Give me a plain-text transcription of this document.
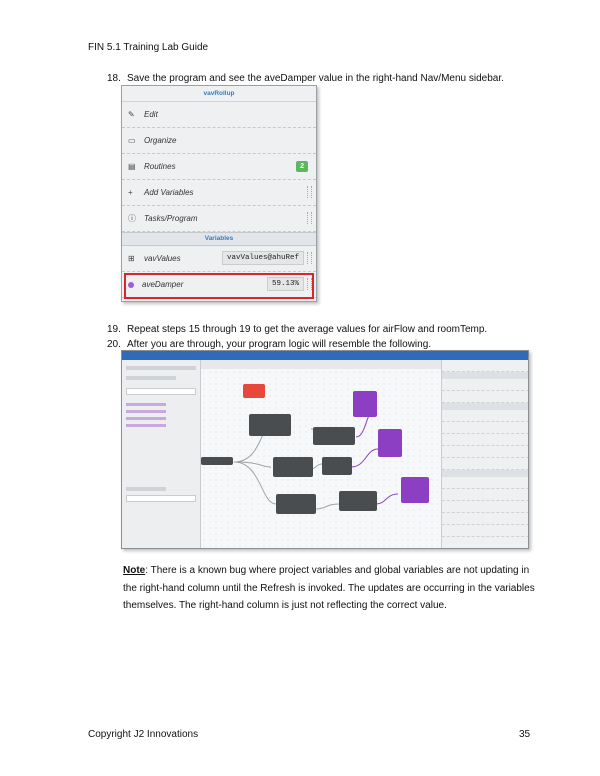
FIN 5.1 Training Lab Guide
18. Save the program and see the aveDamper value in the right-hand Nav/Menu sidebar.
vavRollup
✎	Edit
▭	Organize
▤	Routines	2
+	Add Variables
ⓘ Tasks/Program
Variables
⊞	vavValues	vavValues@ahuRef
aveDamper	59.13%
19. Repeat steps 15 through 19 to get the average values for airFlow and roomTemp.
20. After you are through, your program logic will resemble the following.
Note: There is a known bug where project variables and global variables are not updating in the right-hand column until the Refresh is invoked. The updates are occurring in the variables themselves. The right-hand column is just not reflecting the correct value.
Copyright J2 Innovations	35
